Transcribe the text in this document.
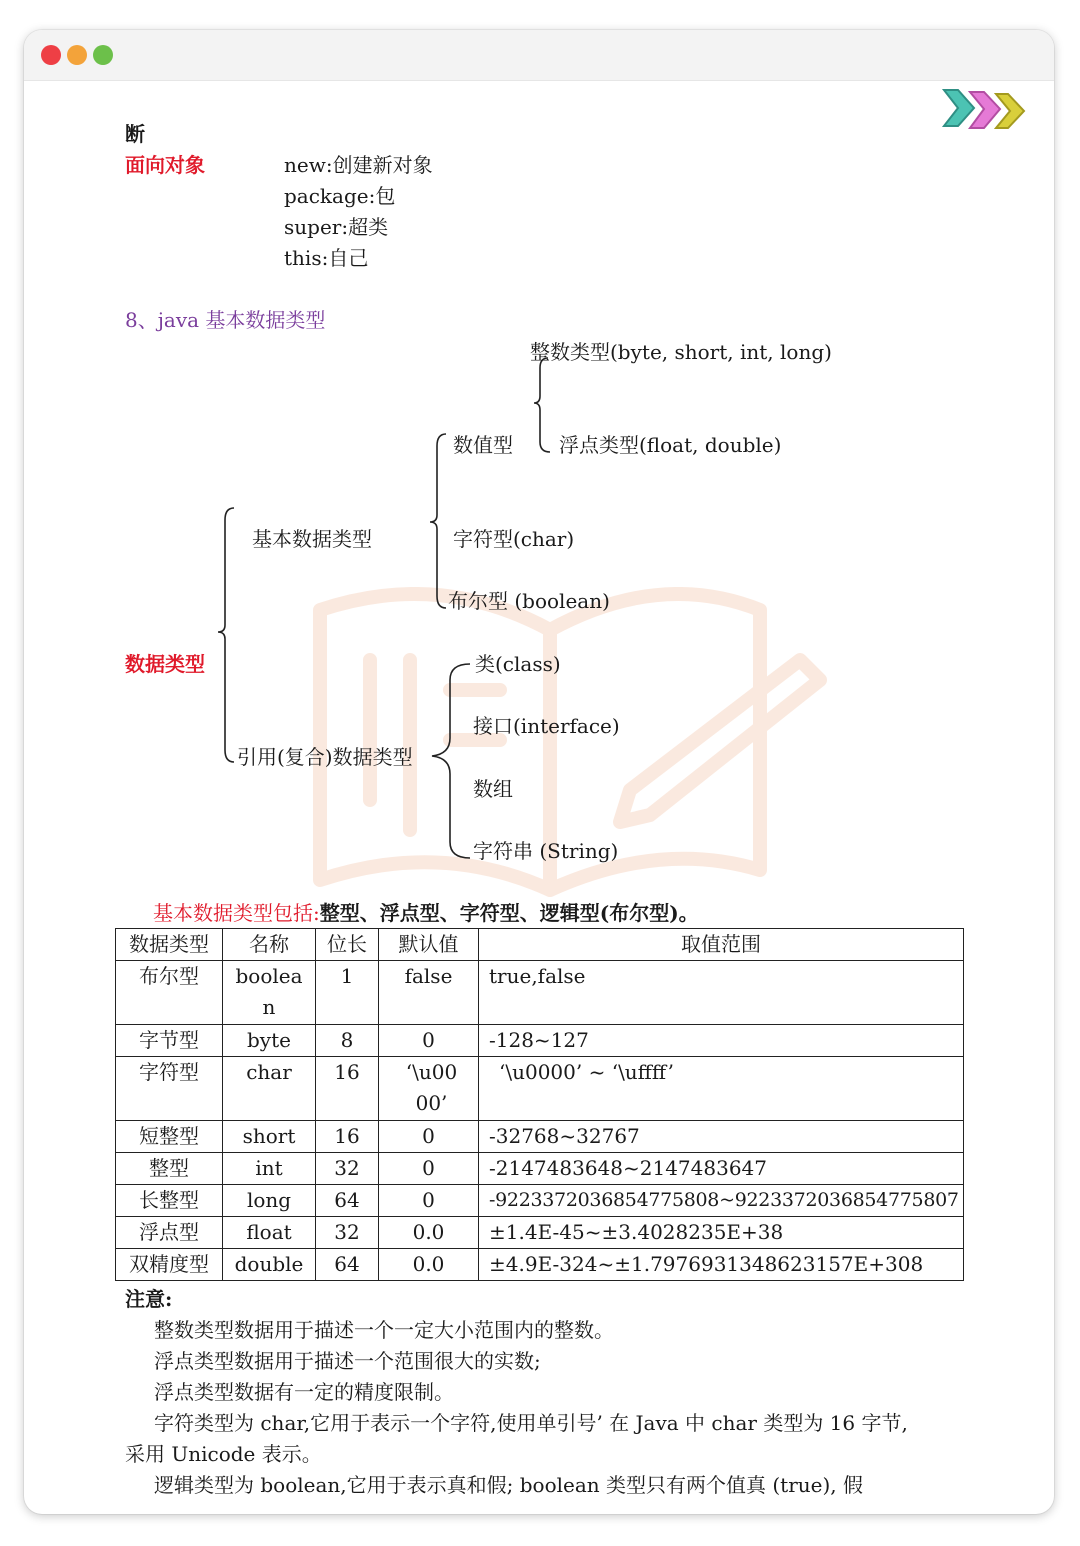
断
面向对象	new:创建新对象
package:包
super:超类
this:自己
8、java 基本数据类型
数据类型
基本数据类型
引用(复合)数据类型
数值型
整数类型(byte, short, int, long)
浮点类型(float, double)
字符型(char)
布尔型 (boolean)
类(class)
接口(interface)
数组
字符串 (String)
基本数据类型包括:整型、浮点型、字符型、逻辑型(布尔型)。
数据类型	名称	位长	默认值	取值范围
布尔型	boolean	1	false	true,false
字节型	byte	8	0	-128~127
字符型	char	16	‘\u0000’	‘\u0000’ ~ ‘\uffff’
短整型	short	16	0	-32768~32767
整型	int	32	0	-2147483648~2147483647
长整型	long	64	0	-9223372036854775808~9223372036854775807
浮点型	float	32	0.0	±1.4E-45~±3.4028235E+38
双精度型	double	64	0.0	±4.9E-324~±1.7976931348623157E+308

注意:

整数类型数据用于描述一个一定大小范围内的整数。

浮点类型数据用于描述一个范围很大的实数;

浮点类型数据有一定的精度限制。

字符类型为 char,它用于表示一个字符,使用单引号’ 在 Java 中 char 类型为 16 字节,

采用 Unicode 表示。

逻辑类型为 boolean,它用于表示真和假; boolean 类型只有两个值真 (true), 假
